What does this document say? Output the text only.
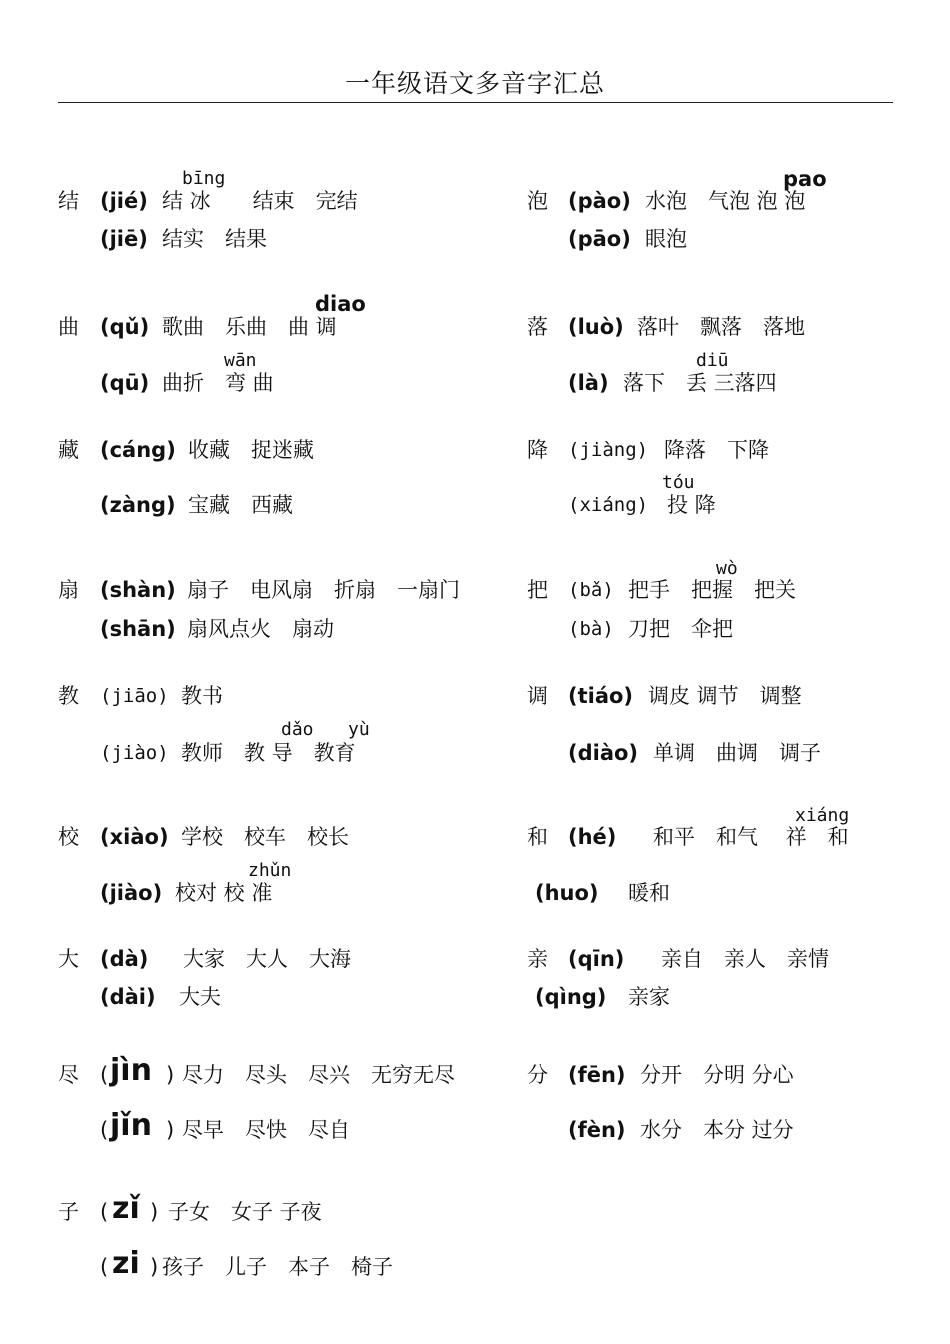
一年级语文多音字汇总
bīng
结 (jié) 结 冰　　结束　完结
(jiē) 结实　结果
diao
曲 (qǔ) 歌曲　乐曲　曲 调
wān
(qū) 曲折　弯 曲
藏 (cáng) 收藏　捉迷藏
(zàng) 宝藏　西藏
扇 (shàn) 扇子　电风扇　折扇　一扇门
(shān) 扇风点火　扇动
教 (jiāo) 教书
dǎo yù
(jiào) 教师　教 导　教育
校 (xiào) 学校　校车　校长
zhǔn
(jiào) 校对 校 准
大 (dà) 大家　大人　大海
(dài) 大夫
尽 ( jìn ) 尽力　尽头　尽兴　无穷无尽
( jǐn ) 尽早　尽快　尽自
子 ( zǐ ) 子女　女子 子夜
( zi ) 孩子　儿子　本子　椅子
pao
泡 (pào) 水泡　气泡 泡 泡
(pāo) 眼泡
落 (luò) 落叶　飘落　落地
diū
(là) 落下　丢 三落四
降 (jiàng) 降落　下降
tóu
(xiáng) 投 降
wò
把 (bǎ) 把手　把握　把关
(bà) 刀把　伞把
调 (tiáo) 调皮 调节　调整
(diào) 单调　曲调　调子
xiáng
和 (hé) 和平　和气　 祥　和
(huo) 暖和
亲 (qīn) 亲自　亲人　亲情
(qìng) 亲家
分 (fēn) 分开　分明 分心
(fèn) 水分　本分 过分
